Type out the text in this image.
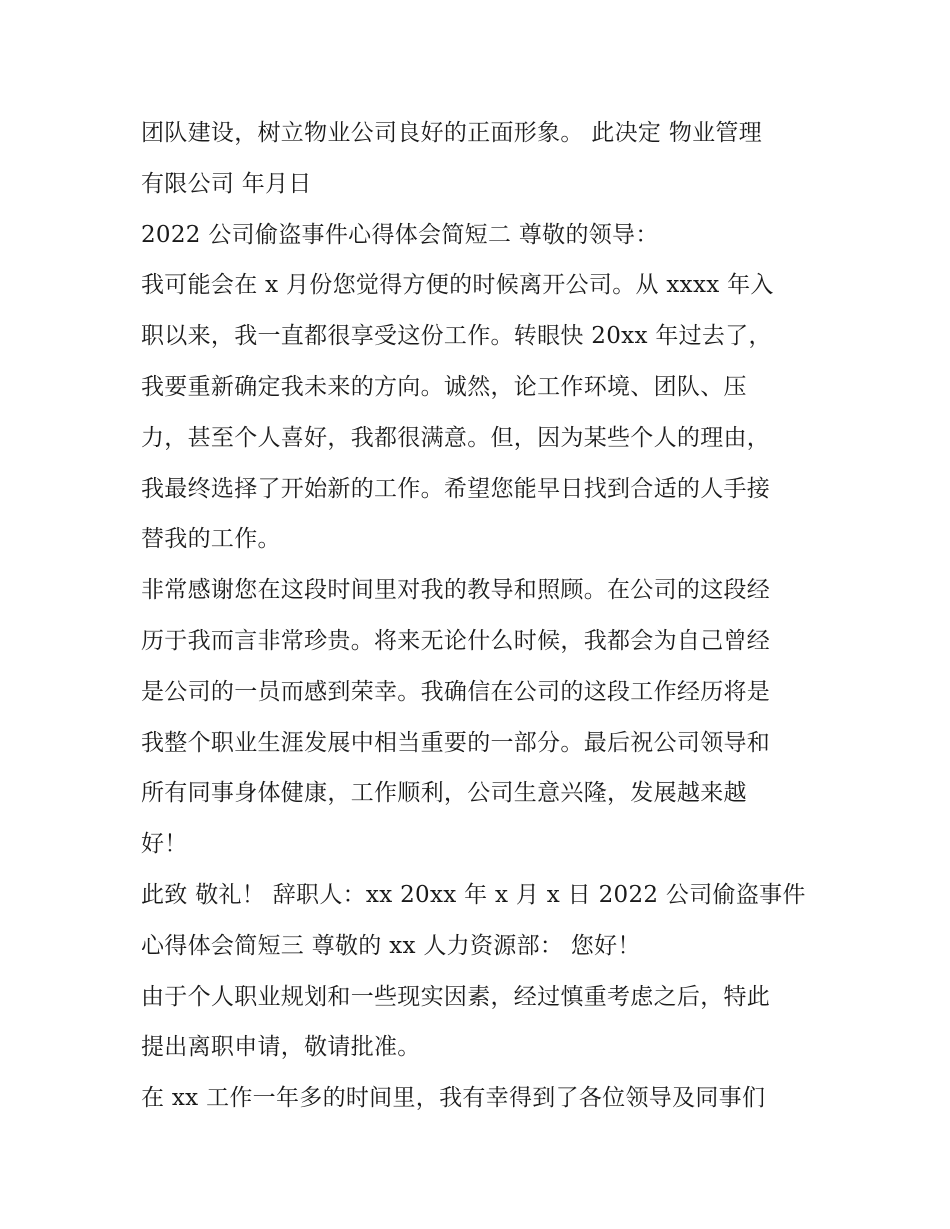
团队建设，树立物业公司良好的正面形象。 此决定 物业管理
有限公司 年月日
2022 公司偷盗事件心得体会简短二 尊敬的领导：
我可能会在 x 月份您觉得方便的时候离开公司。从 xxxx 年入
职以来，我一直都很享受这份工作。转眼快 20xx 年过去了，
我要重新确定我未来的方向。诚然，论工作环境、团队、压
力，甚至个人喜好，我都很满意。但，因为某些个人的理由，
我最终选择了开始新的工作。希望您能早日找到合适的人手接
替我的工作。
非常感谢您在这段时间里对我的教导和照顾。在公司的这段经
历于我而言非常珍贵。将来无论什么时候，我都会为自己曾经
是公司的一员而感到荣幸。我确信在公司的这段工作经历将是
我整个职业生涯发展中相当重要的一部分。最后祝公司领导和
所有同事身体健康，工作顺利，公司生意兴隆，发展越来越
好！
此致 敬礼！ 辞职人：xx 20xx 年 x 月 x 日 2022 公司偷盗事件
心得体会简短三 尊敬的 xx 人力资源部： 您好！
由于个人职业规划和一些现实因素，经过慎重考虑之后，特此
提出离职申请，敬请批准。
在 xx 工作一年多的时间里，我有幸得到了各位领导及同事们
